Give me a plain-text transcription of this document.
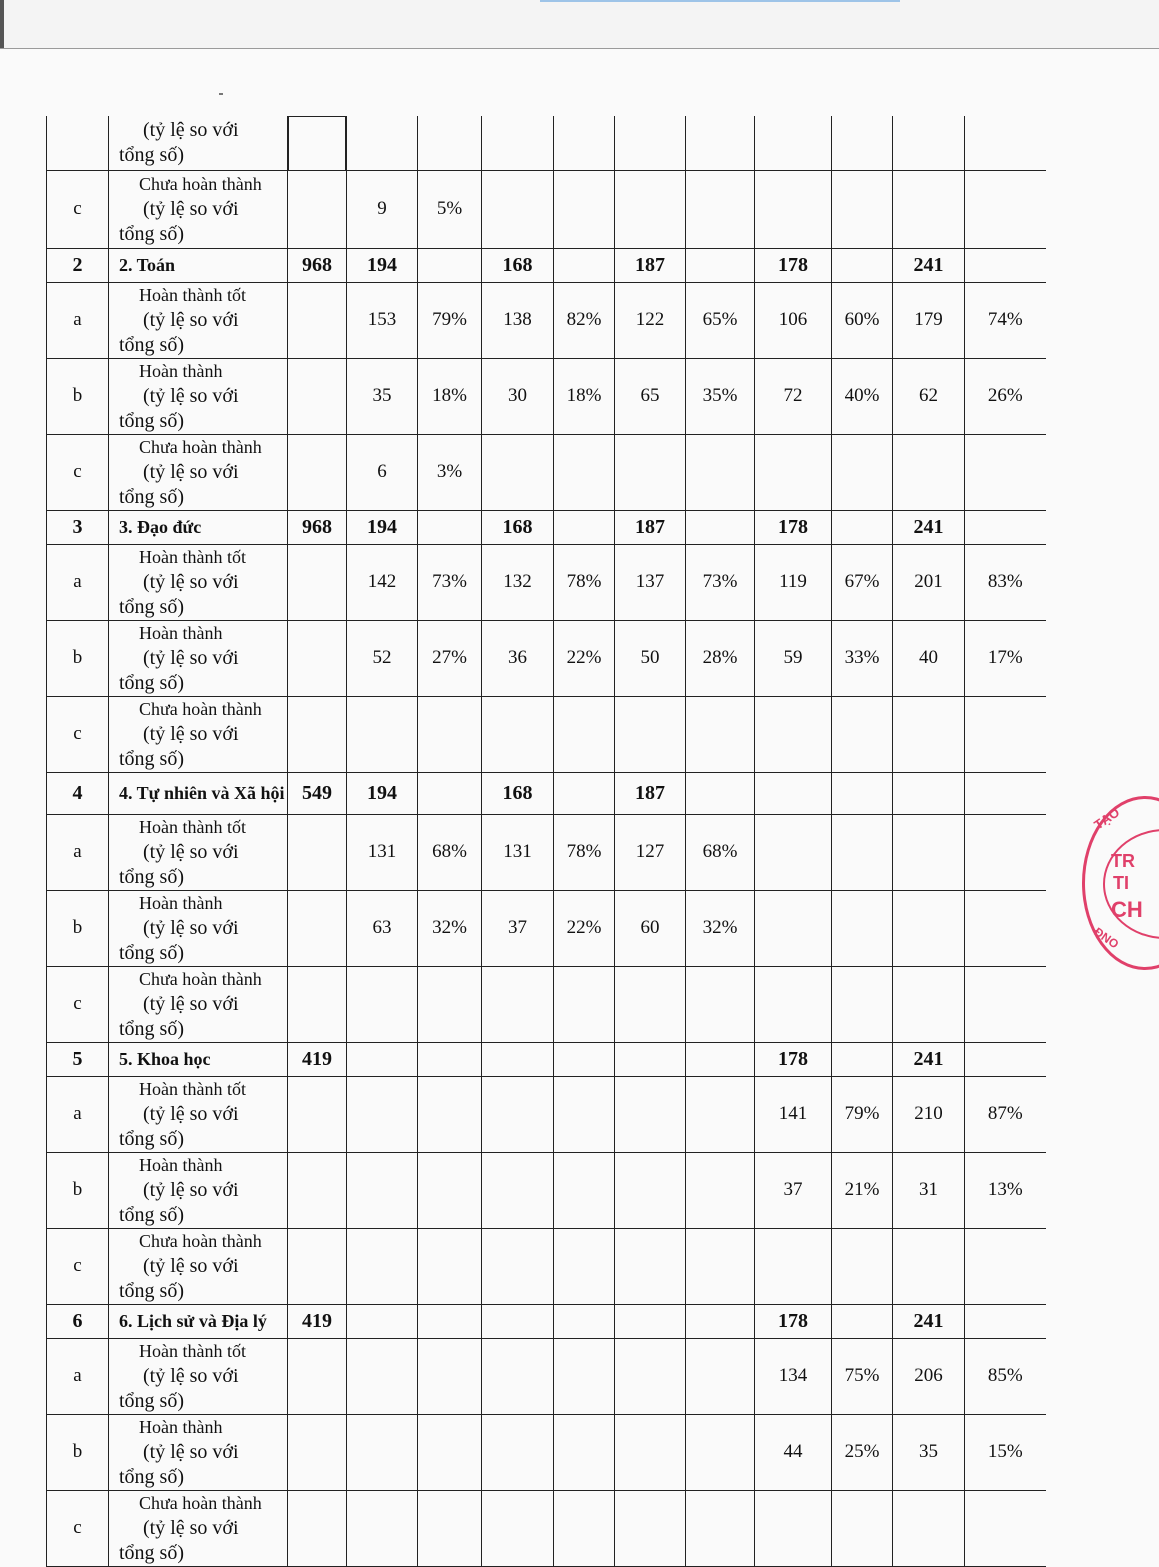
	(tỷ lệ so với
tổng số)											

c	Chưa hoàn thành
(tỷ lệ so với
tổng số)		9	5%								
2	2. Toán	968	194		168		187		178		241	
a	Hoàn thành tốt
(tỷ lệ so với
tổng số)		153	79%	138	82%	122	65%	106	60%	179	74%
b	Hoàn thành
(tỷ lệ so với
tổng số)		35	18%	30	18%	65	35%	72	40%	62	26%
c	Chưa hoàn thành
(tỷ lệ so với
tổng số)		6	3%								
3	3. Đạo đức	968	194		168		187		178		241	
a	Hoàn thành tốt
(tỷ lệ so với
tổng số)		142	73%	132	78%	137	73%	119	67%	201	83%
b	Hoàn thành
(tỷ lệ so với
tổng số)		52	27%	36	22%	50	28%	59	33%	40	17%
c	Chưa hoàn thành
(tỷ lệ so với
tổng số)											

4	4. Tự nhiên và Xã hội	549	194		168		187					
a	Hoàn thành tốt
(tỷ lệ so với
tổng số)		131	68%	131	78%	127	68%				
b	Hoàn thành
(tỷ lệ so với
tổng số)		63	32%	37	22%	60	32%				
c	Chưa hoàn thành
(tỷ lệ so với
tổng số)											

5	5. Khoa học	419							178		241	
a	Hoàn thành tốt
(tỷ lệ so với
tổng số)								141	79%	210	87%
b	Hoàn thành
(tỷ lệ so với
tổng số)								37	21%	31	13%
c	Chưa hoàn thành
(tỷ lệ so với
tổng số)											

6	6. Lịch sử và Địa lý	419							178		241	
a	Hoàn thành tốt
(tỷ lệ so với
tổng số)								134	75%	206	85%
b	Hoàn thành
(tỷ lệ so với
tổng số)								44	25%	35	15%
c	Chưa hoàn thành
(tỷ lệ so với
tổng số)											

TẠO
TR
TI
CH
ĐNO
